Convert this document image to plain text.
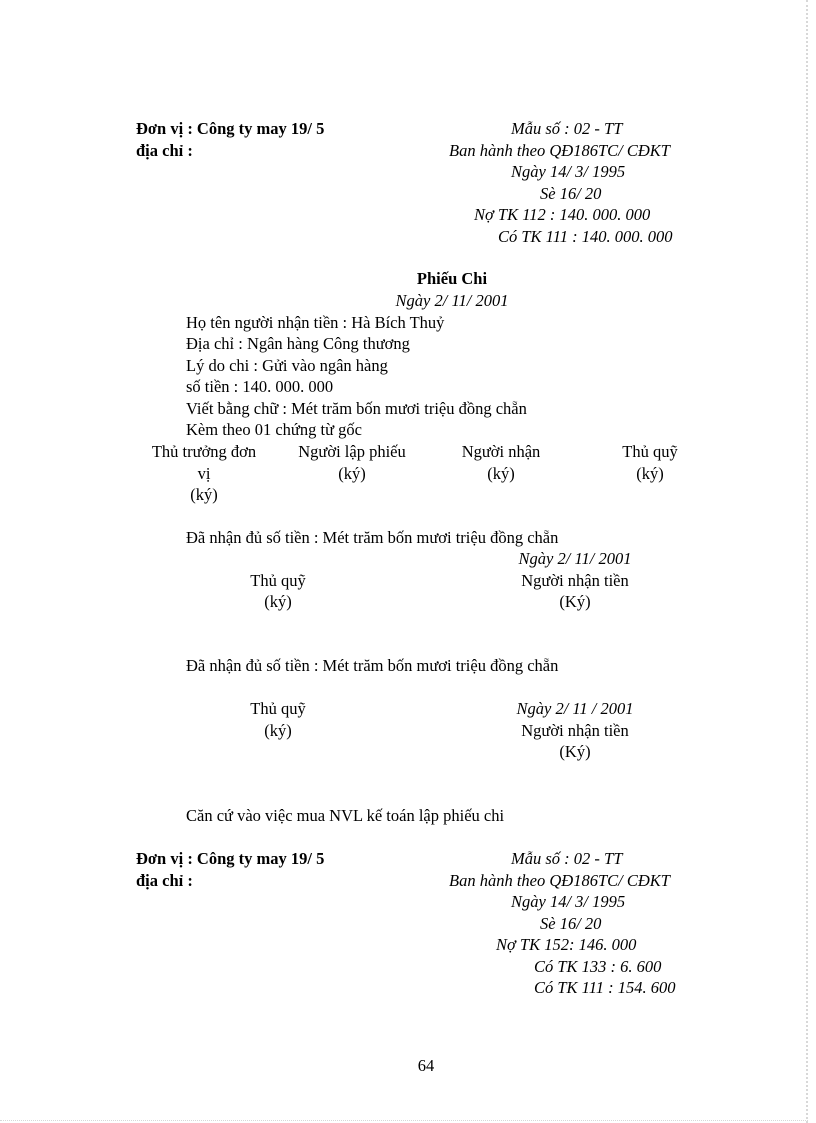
Đơn vị : Công ty may 19/ 5
địa chỉ :
Mẫu số : 02 - TT
Ban hành theo QĐ186TC/ CĐKT
Ngày 14/ 3/ 1995
Sè 16/ 20
Nợ TK 112 : 140. 000. 000
Có TK 111 : 140. 000. 000
Phiếu Chi
Ngày 2/ 11/ 2001
Họ tên người nhận tiền : Hà Bích Thuỷ
Địa chỉ : Ngân hàng Công thương
Lý do chi : Gửi vào ngân hàng
số tiền : 140. 000. 000
Viết bằng chữ : Mét trăm bốn mươi triệu đồng chẵn
Kèm theo 01 chứng từ gốc
Thủ trưởng đơn
vị
(ký)
Người lập phiếu
(ký)
Người nhận
(ký)
Thủ quỹ
(ký)
Đã nhận đủ số tiền : Mét trăm bốn mươi triệu đồng chẵn
Ngày 2/ 11/ 2001
Thủ quỹ
(ký)
Người nhận tiền
(Ký)
Đã nhận đủ số tiền : Mét trăm bốn mươi triệu đồng chẵn
Thủ quỹ
(ký)
Ngày 2/ 11 / 2001
Người nhận tiền
(Ký)
Căn cứ vào việc mua NVL kế toán lập phiếu chi
Đơn vị : Công ty may 19/ 5
địa chỉ :
Mẫu số : 02 - TT
Ban hành theo QĐ186TC/ CĐKT
Ngày 14/ 3/ 1995
Sè 16/ 20
Nợ TK 152: 146. 000
Có TK 133 : 6. 600
Có TK 111 : 154. 600
64
